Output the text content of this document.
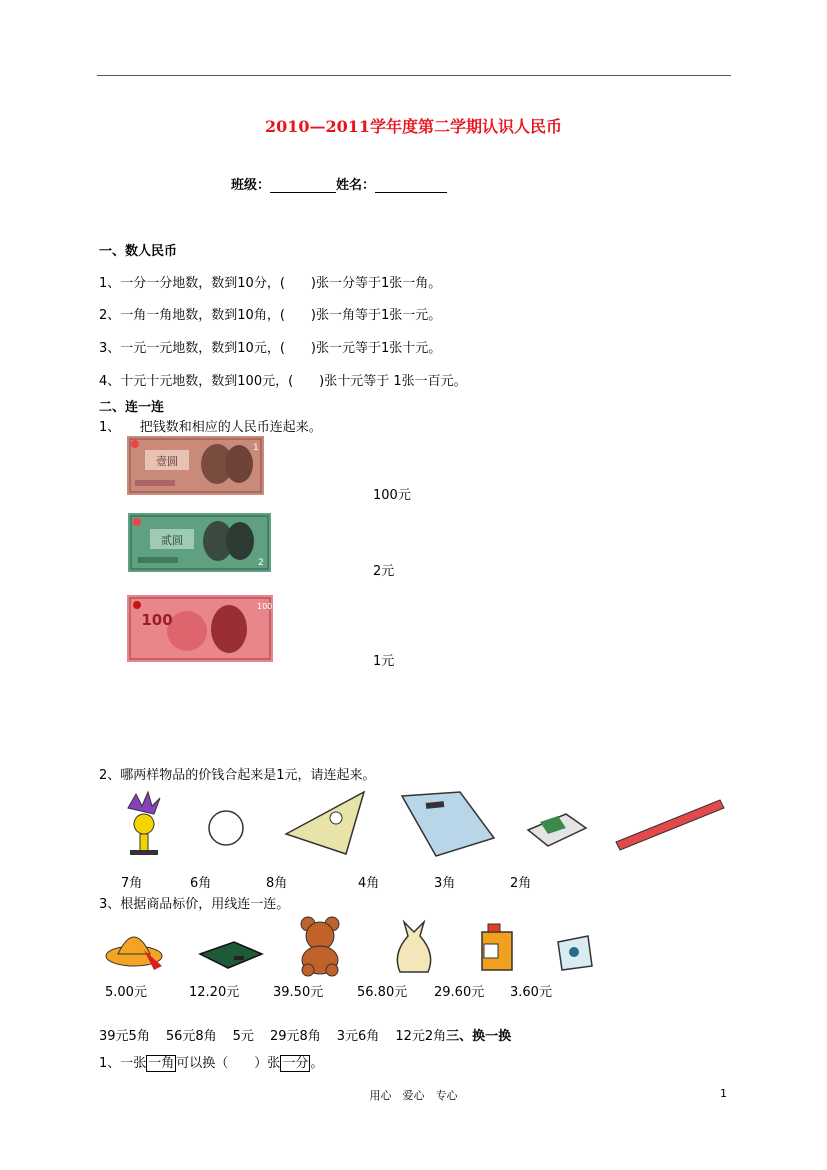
2010—2011学年度第二学期认识人民币
班级：	姓名：
一、数人民币
1、一分一分地数，数到10分，(　　)张一分等于1张一角。
2、一角一角地数，数到10角，(　　)张一角等于1张一元。
3、一元一元地数，数到10元，(　　)张一元等于1张十元。
4、十元十元地数，数到100元，(　　)张十元等于 1张一百元。
二、连一连
1、　　把钱数和相应的人民币连起来。
1
壹圆
2
贰圆
100
100
100元
2元
1元
2、哪两样物品的价钱合起来是1元，请连起来。
7角	6角	8角	4角	3角	2角
3、根据商品标价，用线连一连。
5.00元	12.20元	39.50元	56.80元 29.60元 3.60元
39元5角 56元8角 5元 29元8角 3元6角 12元2角三、换一换
1、一张 一角 可以换（　　）张 一分 。
用心　爱心　专心	1
